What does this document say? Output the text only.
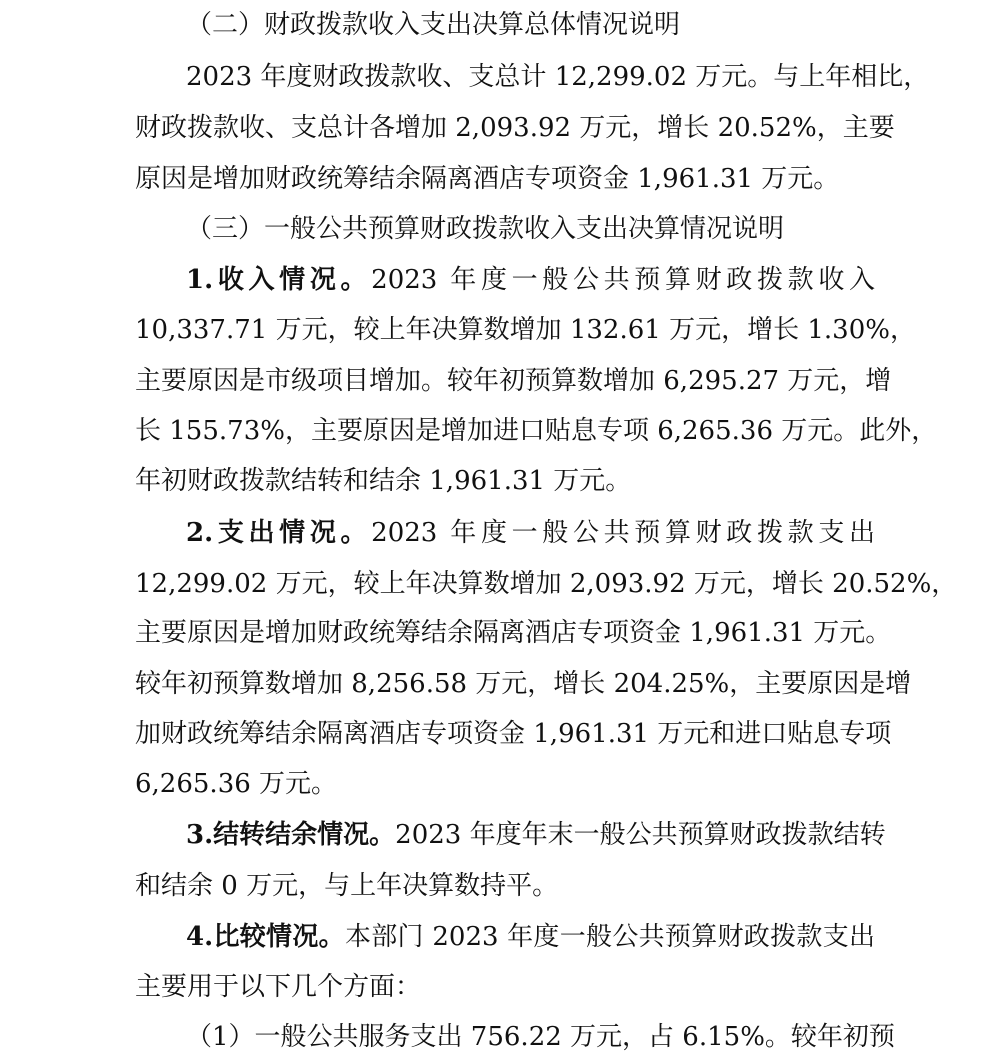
（二）财政拨款收入支出决算总体情况说明
2023 年度财政拨款收、支总计 12,299.02 万元。与上年相比，
财政拨款收、支总计各增加 2,093.92 万元，增长 20.52%，主要
原因是增加财政统筹结余隔离酒店专项资金 1,961.31 万元。
（三）一般公共预算财政拨款收入支出决算情况说明
1.收入情况。2023 年度一般公共预算财政拨款收入
10,337.71 万元，较上年决算数增加 132.61 万元，增长 1.30%，
主要原因是市级项目增加。较年初预算数增加 6,295.27 万元，增
长 155.73%，主要原因是增加进口贴息专项 6,265.36 万元。此外，
年初财政拨款结转和结余 1,961.31 万元。
2.支出情况。2023 年度一般公共预算财政拨款支出
12,299.02 万元，较上年决算数增加 2,093.92 万元，增长 20.52%，
主要原因是增加财政统筹结余隔离酒店专项资金 1,961.31 万元。
较年初预算数增加 8,256.58 万元，增长 204.25%，主要原因是增
加财政统筹结余隔离酒店专项资金 1,961.31 万元和进口贴息专项
6,265.36 万元。
3.结转结余情况。2023 年度年末一般公共预算财政拨款结转
和结余 0 万元，与上年决算数持平。
4.比较情况。本部门 2023 年度一般公共预算财政拨款支出
主要用于以下几个方面：
（1）一般公共服务支出 756.22 万元，占 6.15%。较年初预
